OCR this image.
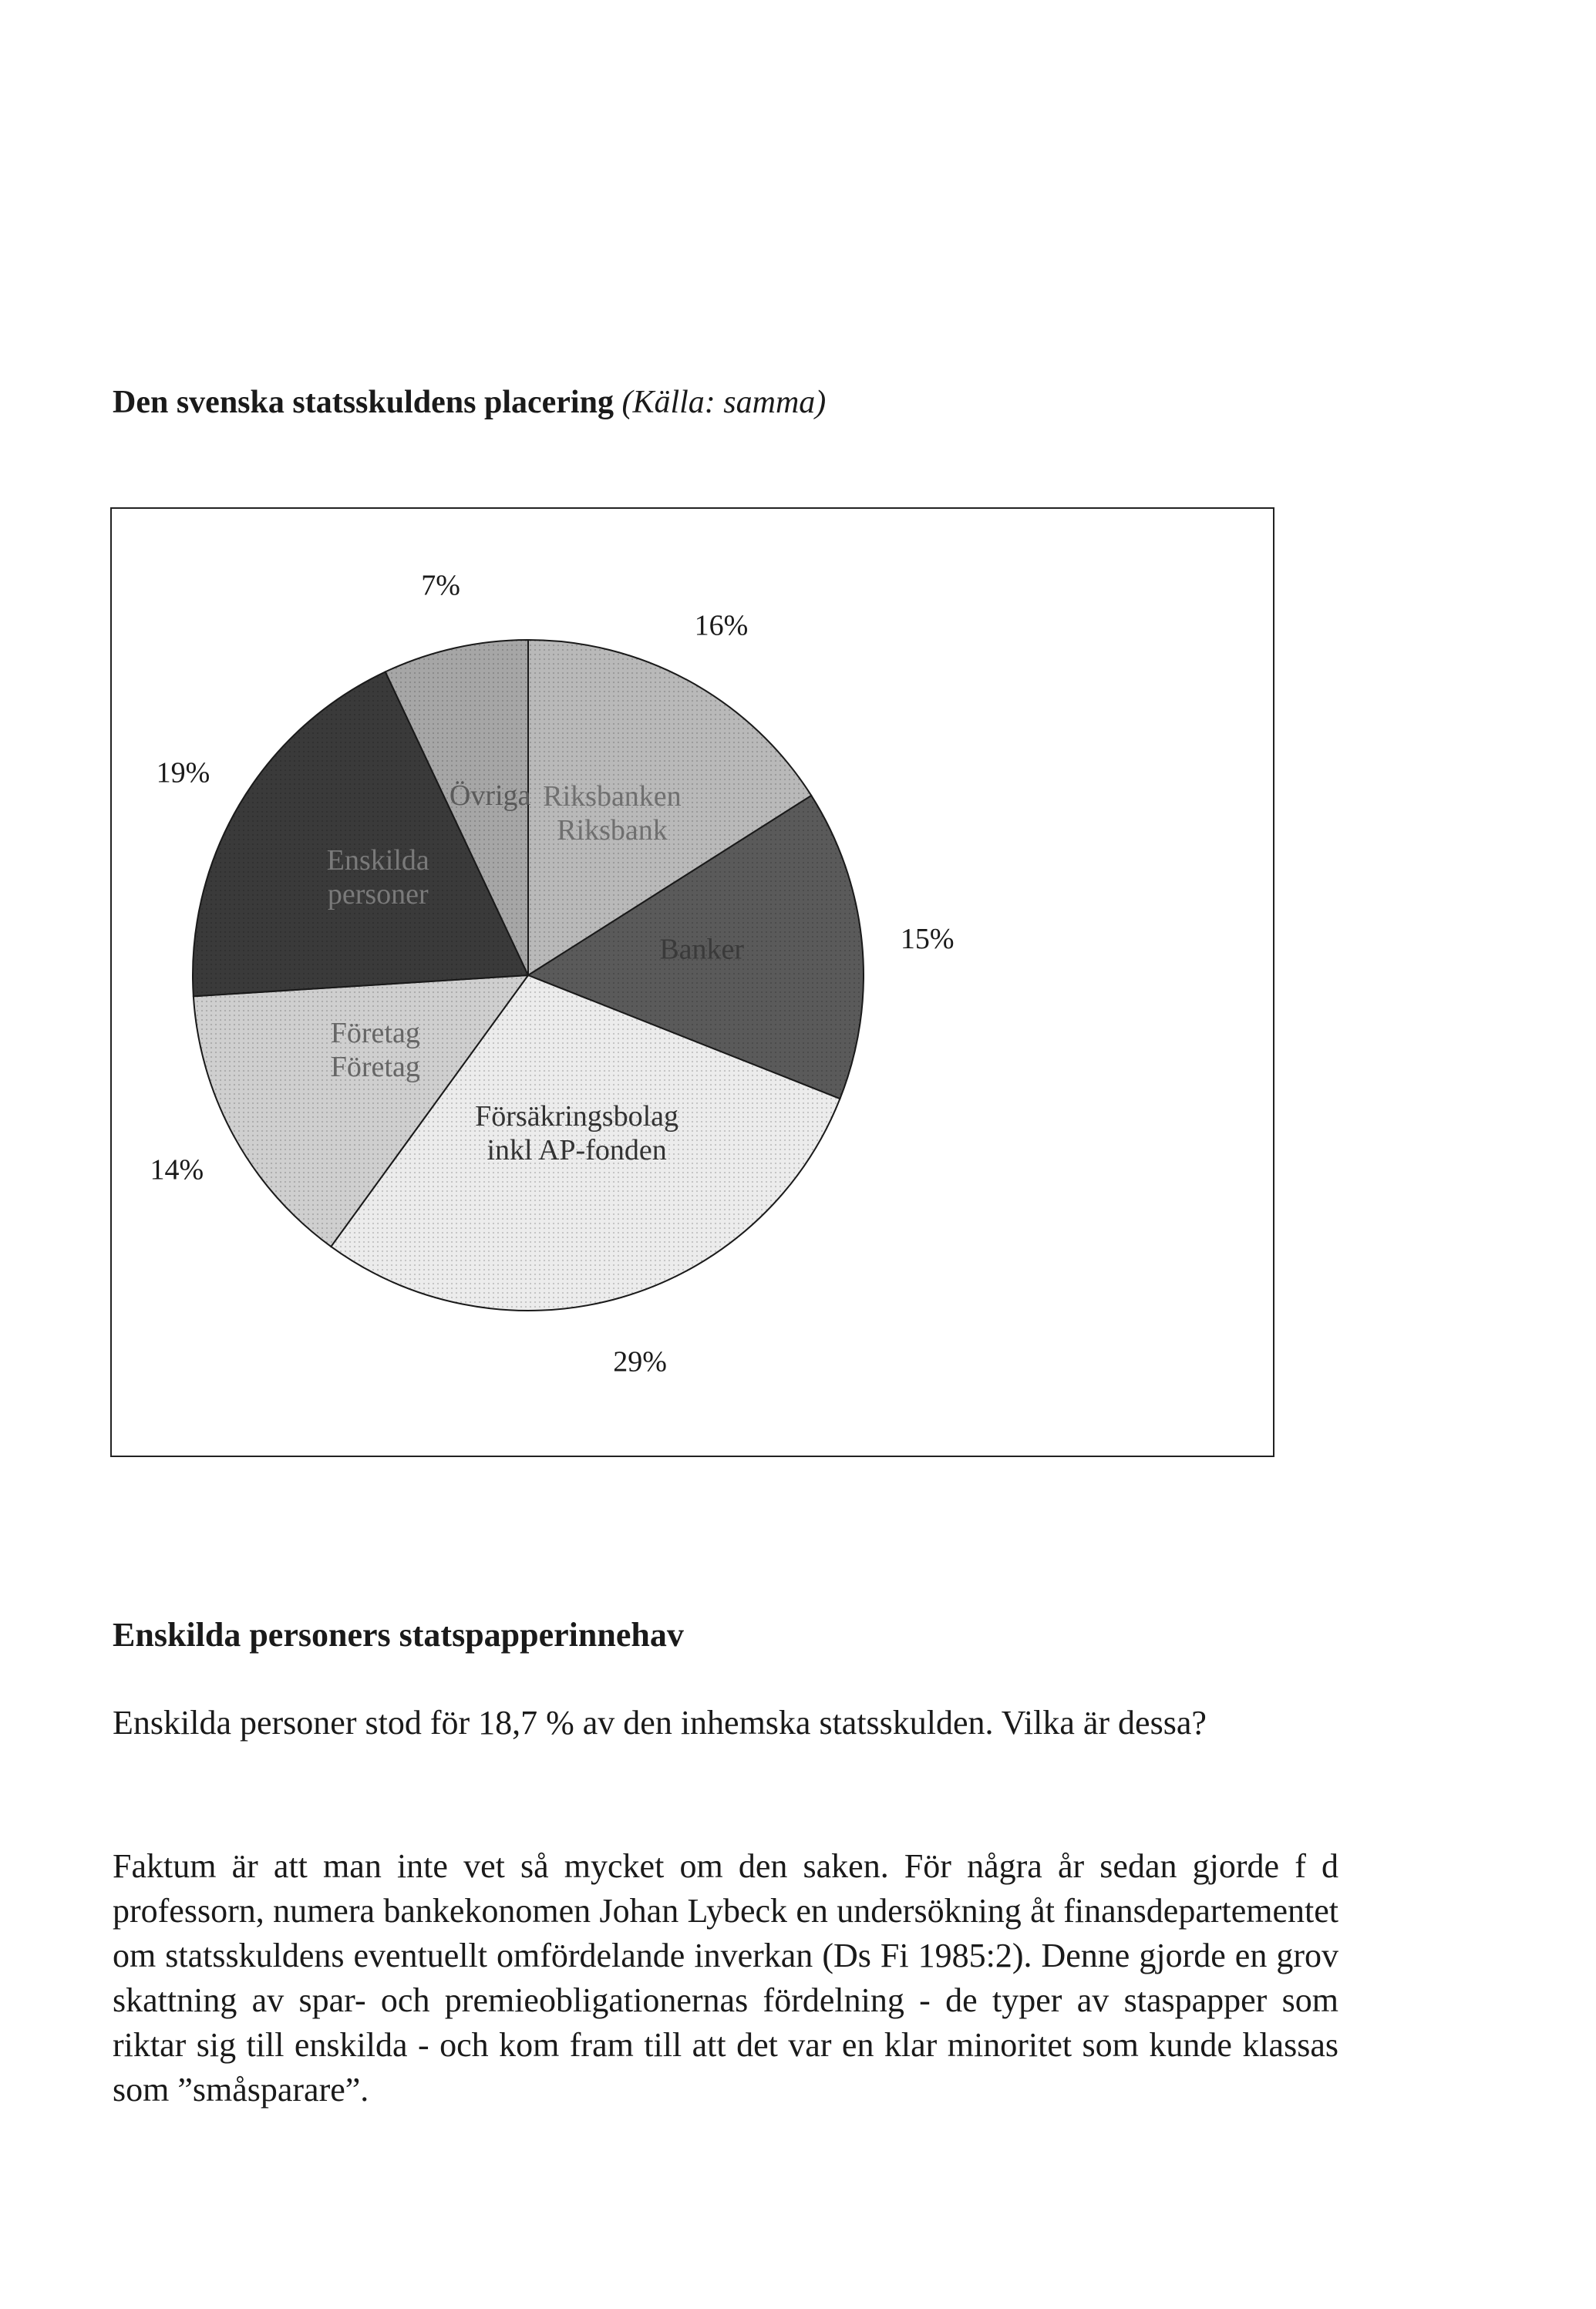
Den svenska statsskuldens placering (Källa: samma)
Riksbanken Riksbank
Banker
Försäkringsbolag inkl AP-fonden
Företag Företag
Enskilda personer
Övriga
16%
15%
29%
14%
19%
7%
Enskilda personers statspapperinnehav
Enskilda personer stod för 18,7 % av den inhemska statsskulden. Vilka är dessa?
Faktum är att man inte vet så mycket om den saken. För några år sedan gjorde f d professorn, numera bankekonomen Johan Lybeck en undersökning åt finansdepartementet om statsskuldens eventuellt omfördelande inverkan (Ds Fi 1985:2). Denne gjorde en grov skattning av spar- och premieobligationernas fördelning - de typer av staspapper som riktar sig till enskilda - och kom fram till att det var en klar minoritet som kunde klassas som ”småsparare”.
